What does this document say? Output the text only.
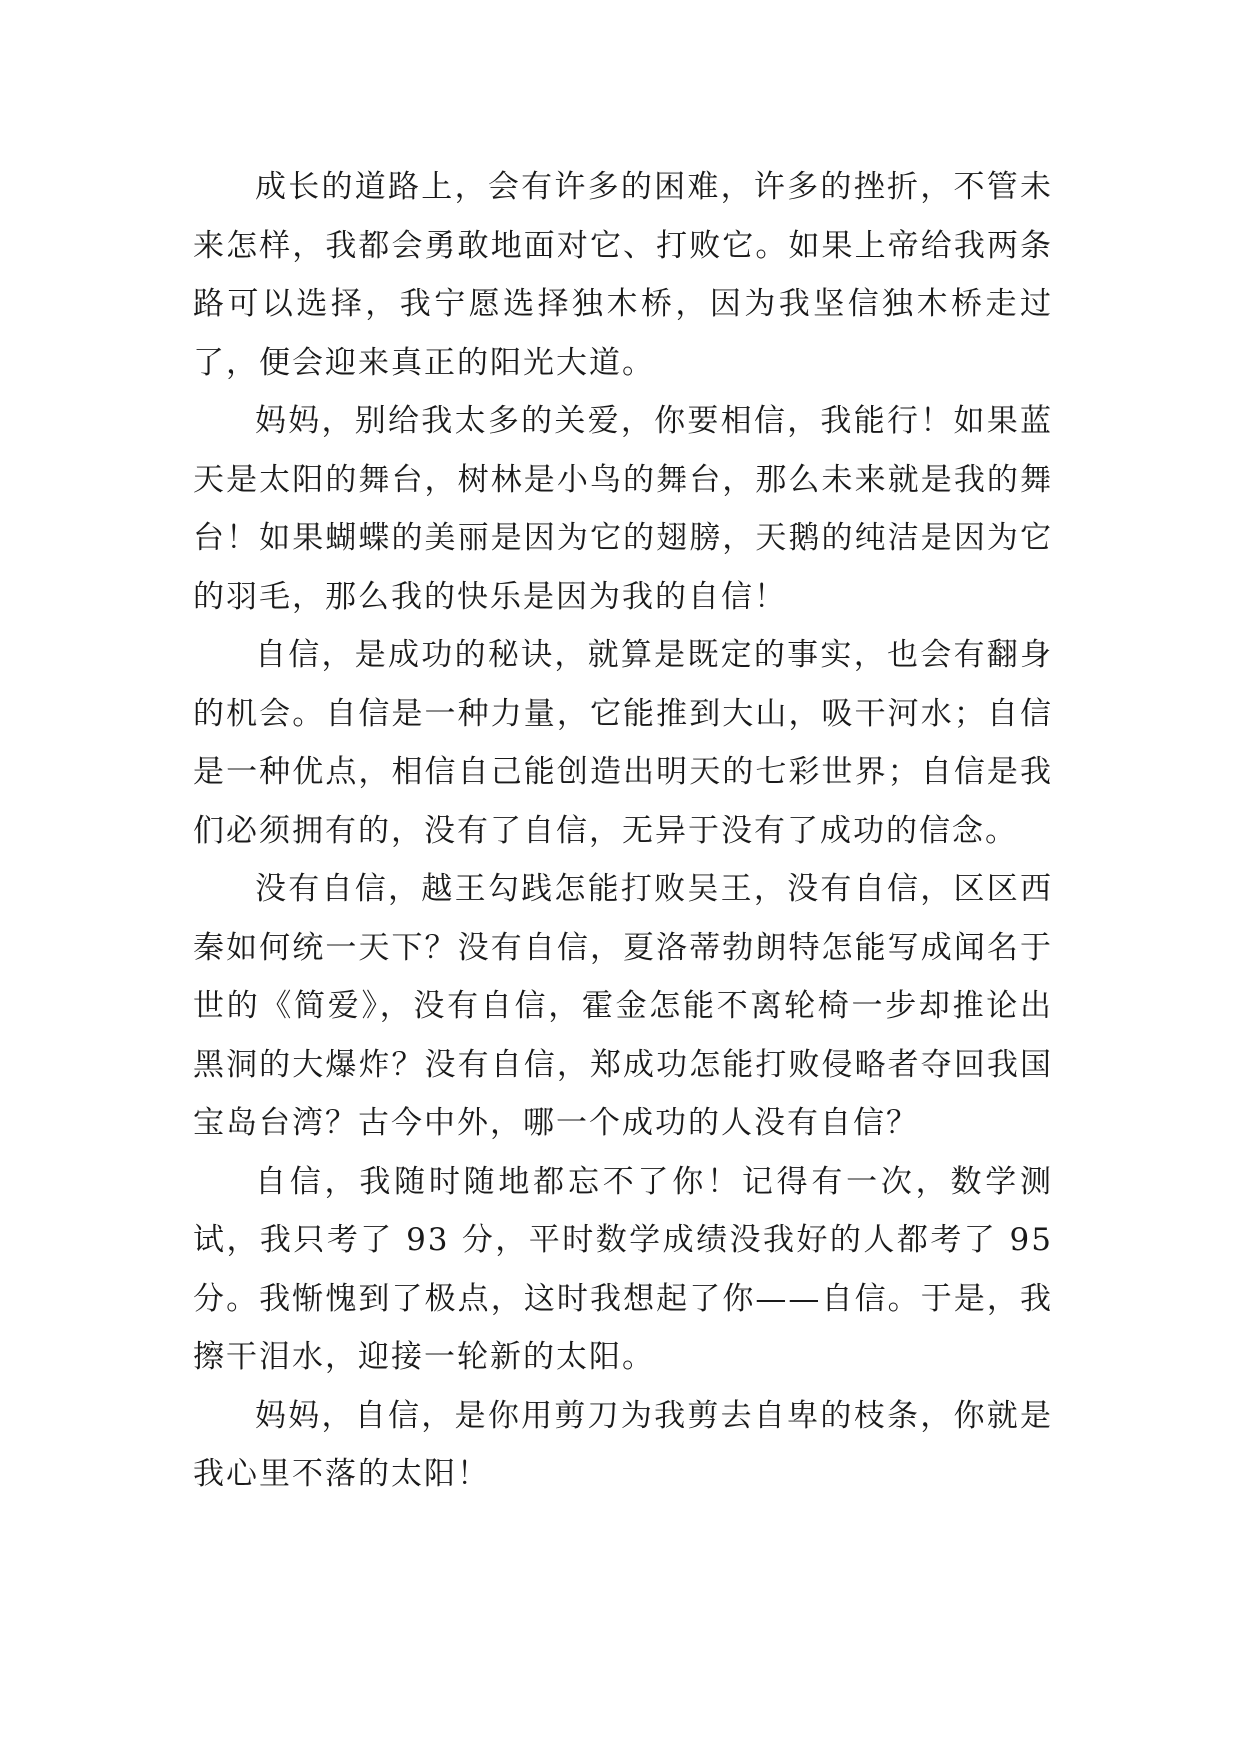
成长的道路上，会有许多的困难，许多的挫折，不管未来怎样，我都会勇敢地面对它、打败它。如果上帝给我两条路可以选择，我宁愿选择独木桥，因为我坚信独木桥走过了，便会迎来真正的阳光大道。

妈妈，别给我太多的关爱，你要相信，我能行！如果蓝天是太阳的舞台，树林是小鸟的舞台，那么未来就是我的舞台！如果蝴蝶的美丽是因为它的翅膀，天鹅的纯洁是因为它的羽毛，那么我的快乐是因为我的自信！

自信，是成功的秘诀，就算是既定的事实，也会有翻身的机会。自信是一种力量，它能推到大山，吸干河水；自信是一种优点，相信自己能创造出明天的七彩世界；自信是我们必须拥有的，没有了自信，无异于没有了成功的信念。

没有自信，越王勾践怎能打败吴王，没有自信，区区西秦如何统一天下？没有自信，夏洛蒂勃朗特怎能写成闻名于世的《简爱》，没有自信，霍金怎能不离轮椅一步却推论出黑洞的大爆炸？没有自信，郑成功怎能打败侵略者夺回我国宝岛台湾？古今中外，哪一个成功的人没有自信？

自信，我随时随地都忘不了你！记得有一次，数学测试，我只考了 93 分，平时数学成绩没我好的人都考了 95 分。我惭愧到了极点，这时我想起了你——自信。于是，我擦干泪水，迎接一轮新的太阳。

妈妈，自信，是你用剪刀为我剪去自卑的枝条，你就是我心里不落的太阳！
